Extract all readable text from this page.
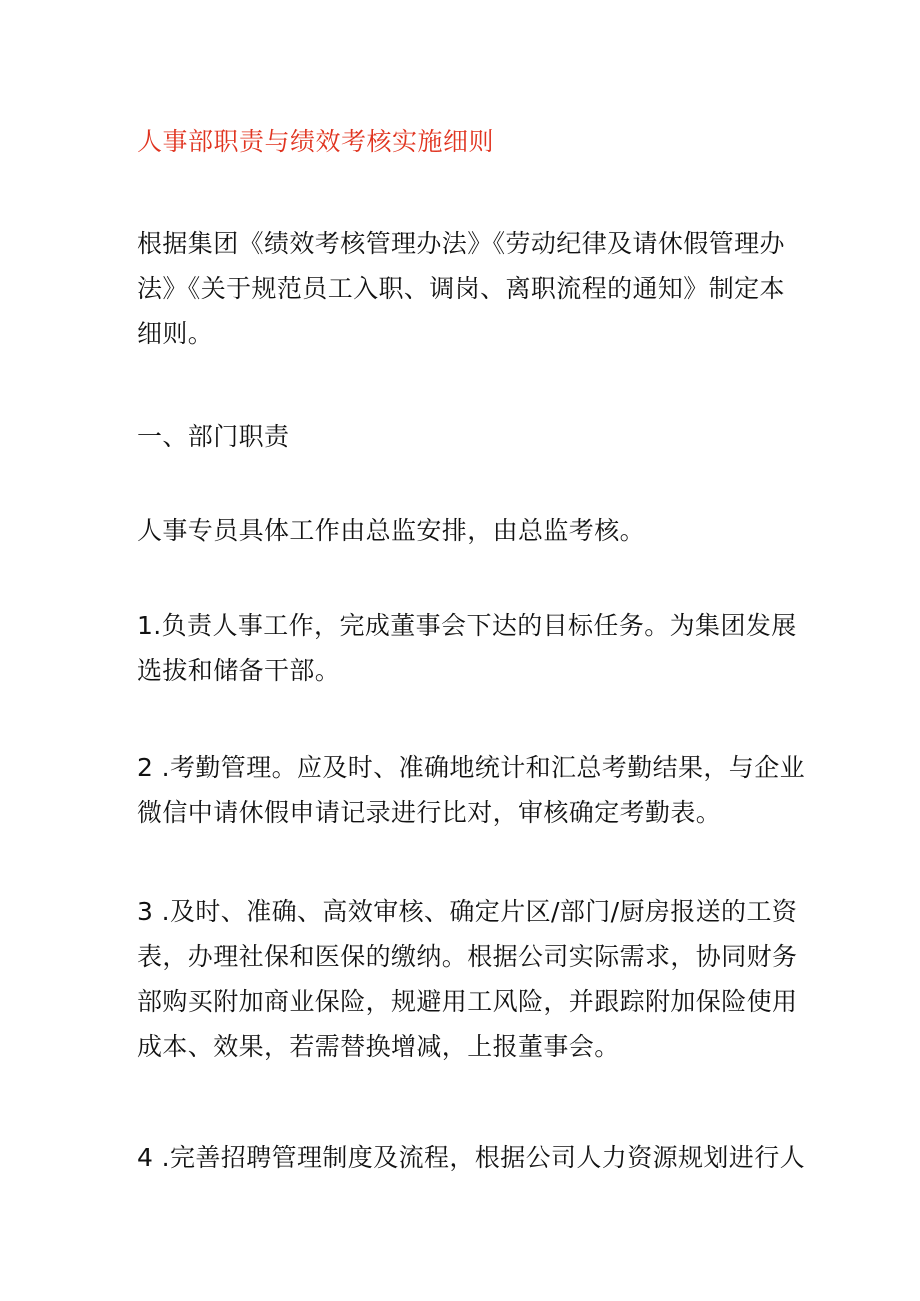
人事部职责与绩效考核实施细则
根据集团《绩效考核管理办法》《劳动纪律及请休假管理办
法》《关于规范员工入职、调岗、离职流程的通知》制定本
细则。
一、部门职责
人事专员具体工作由总监安排，由总监考核。
1.负责人事工作，完成董事会下达的目标任务。为集团发展
选拔和储备干部。
2 .考勤管理。应及时、准确地统计和汇总考勤结果，与企业
微信中请休假申请记录进行比对，审核确定考勤表。
3 .及时、准确、高效审核、确定片区/部门/厨房报送的工资
表，办理社保和医保的缴纳。根据公司实际需求，协同财务
部购买附加商业保险，规避用工风险，并跟踪附加保险使用
成本、效果，若需替换增减，上报董事会。
4 .完善招聘管理制度及流程，根据公司人力资源规划进行人
